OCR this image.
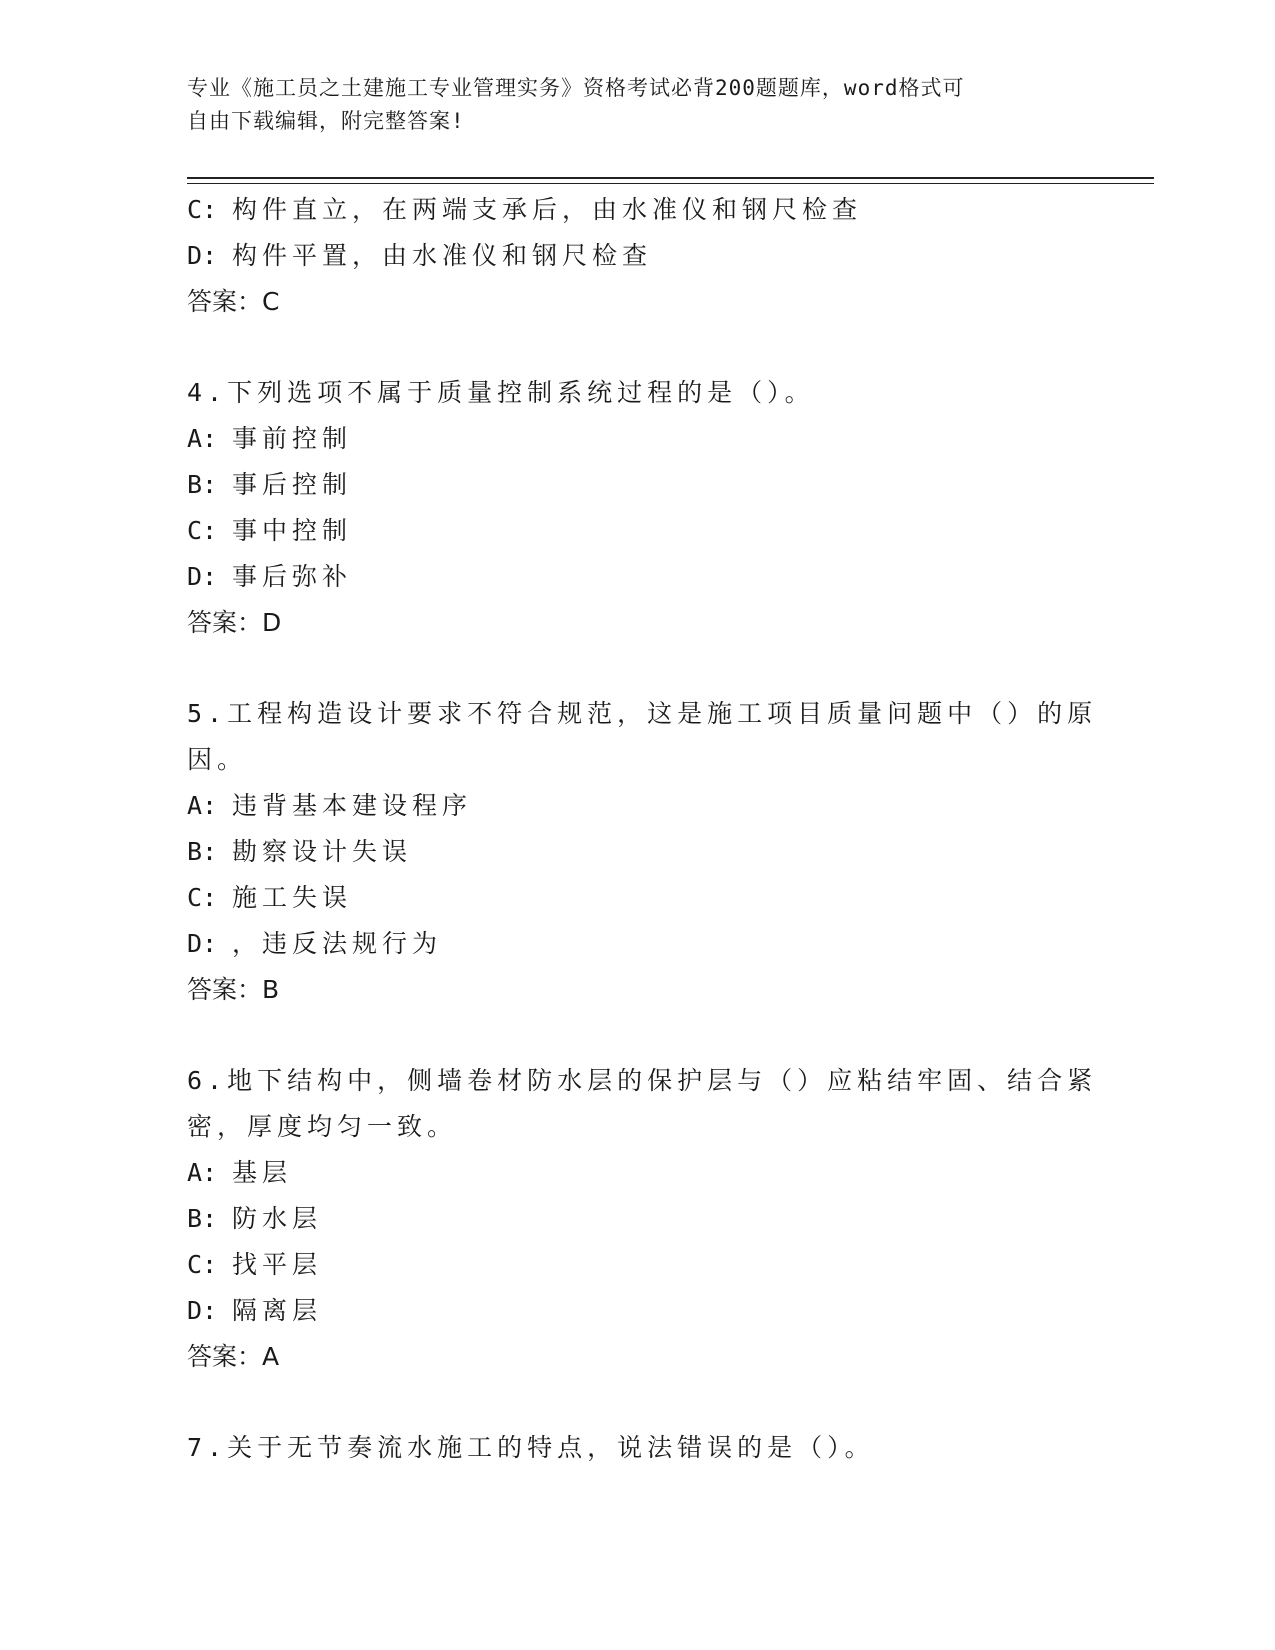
专业《施工员之土建施工专业管理实务》资格考试必背200题题库，word格式可
自由下载编辑，附完整答案!
C: 构件直立，在两端支承后，由水准仪和钢尺检查
D: 构件平置，由水准仪和钢尺检查
答案：C
4.下列选项不属于质量控制系统过程的是（）。
A: 事前控制
B: 事后控制
C: 事中控制
D: 事后弥补
答案：D
5.工程构造设计要求不符合规范，这是施工项目质量问题中（）的原
因。
A: 违背基本建设程序
B: 勘察设计失误
C: 施工失误
D: ，违反法规行为
答案：B
6.地下结构中，侧墙卷材防水层的保护层与（）应粘结牢固、结合紧
密，厚度均匀一致。
A: 基层
B: 防水层
C: 找平层
D: 隔离层
答案：A
7.关于无节奏流水施工的特点，说法错误的是（）。
